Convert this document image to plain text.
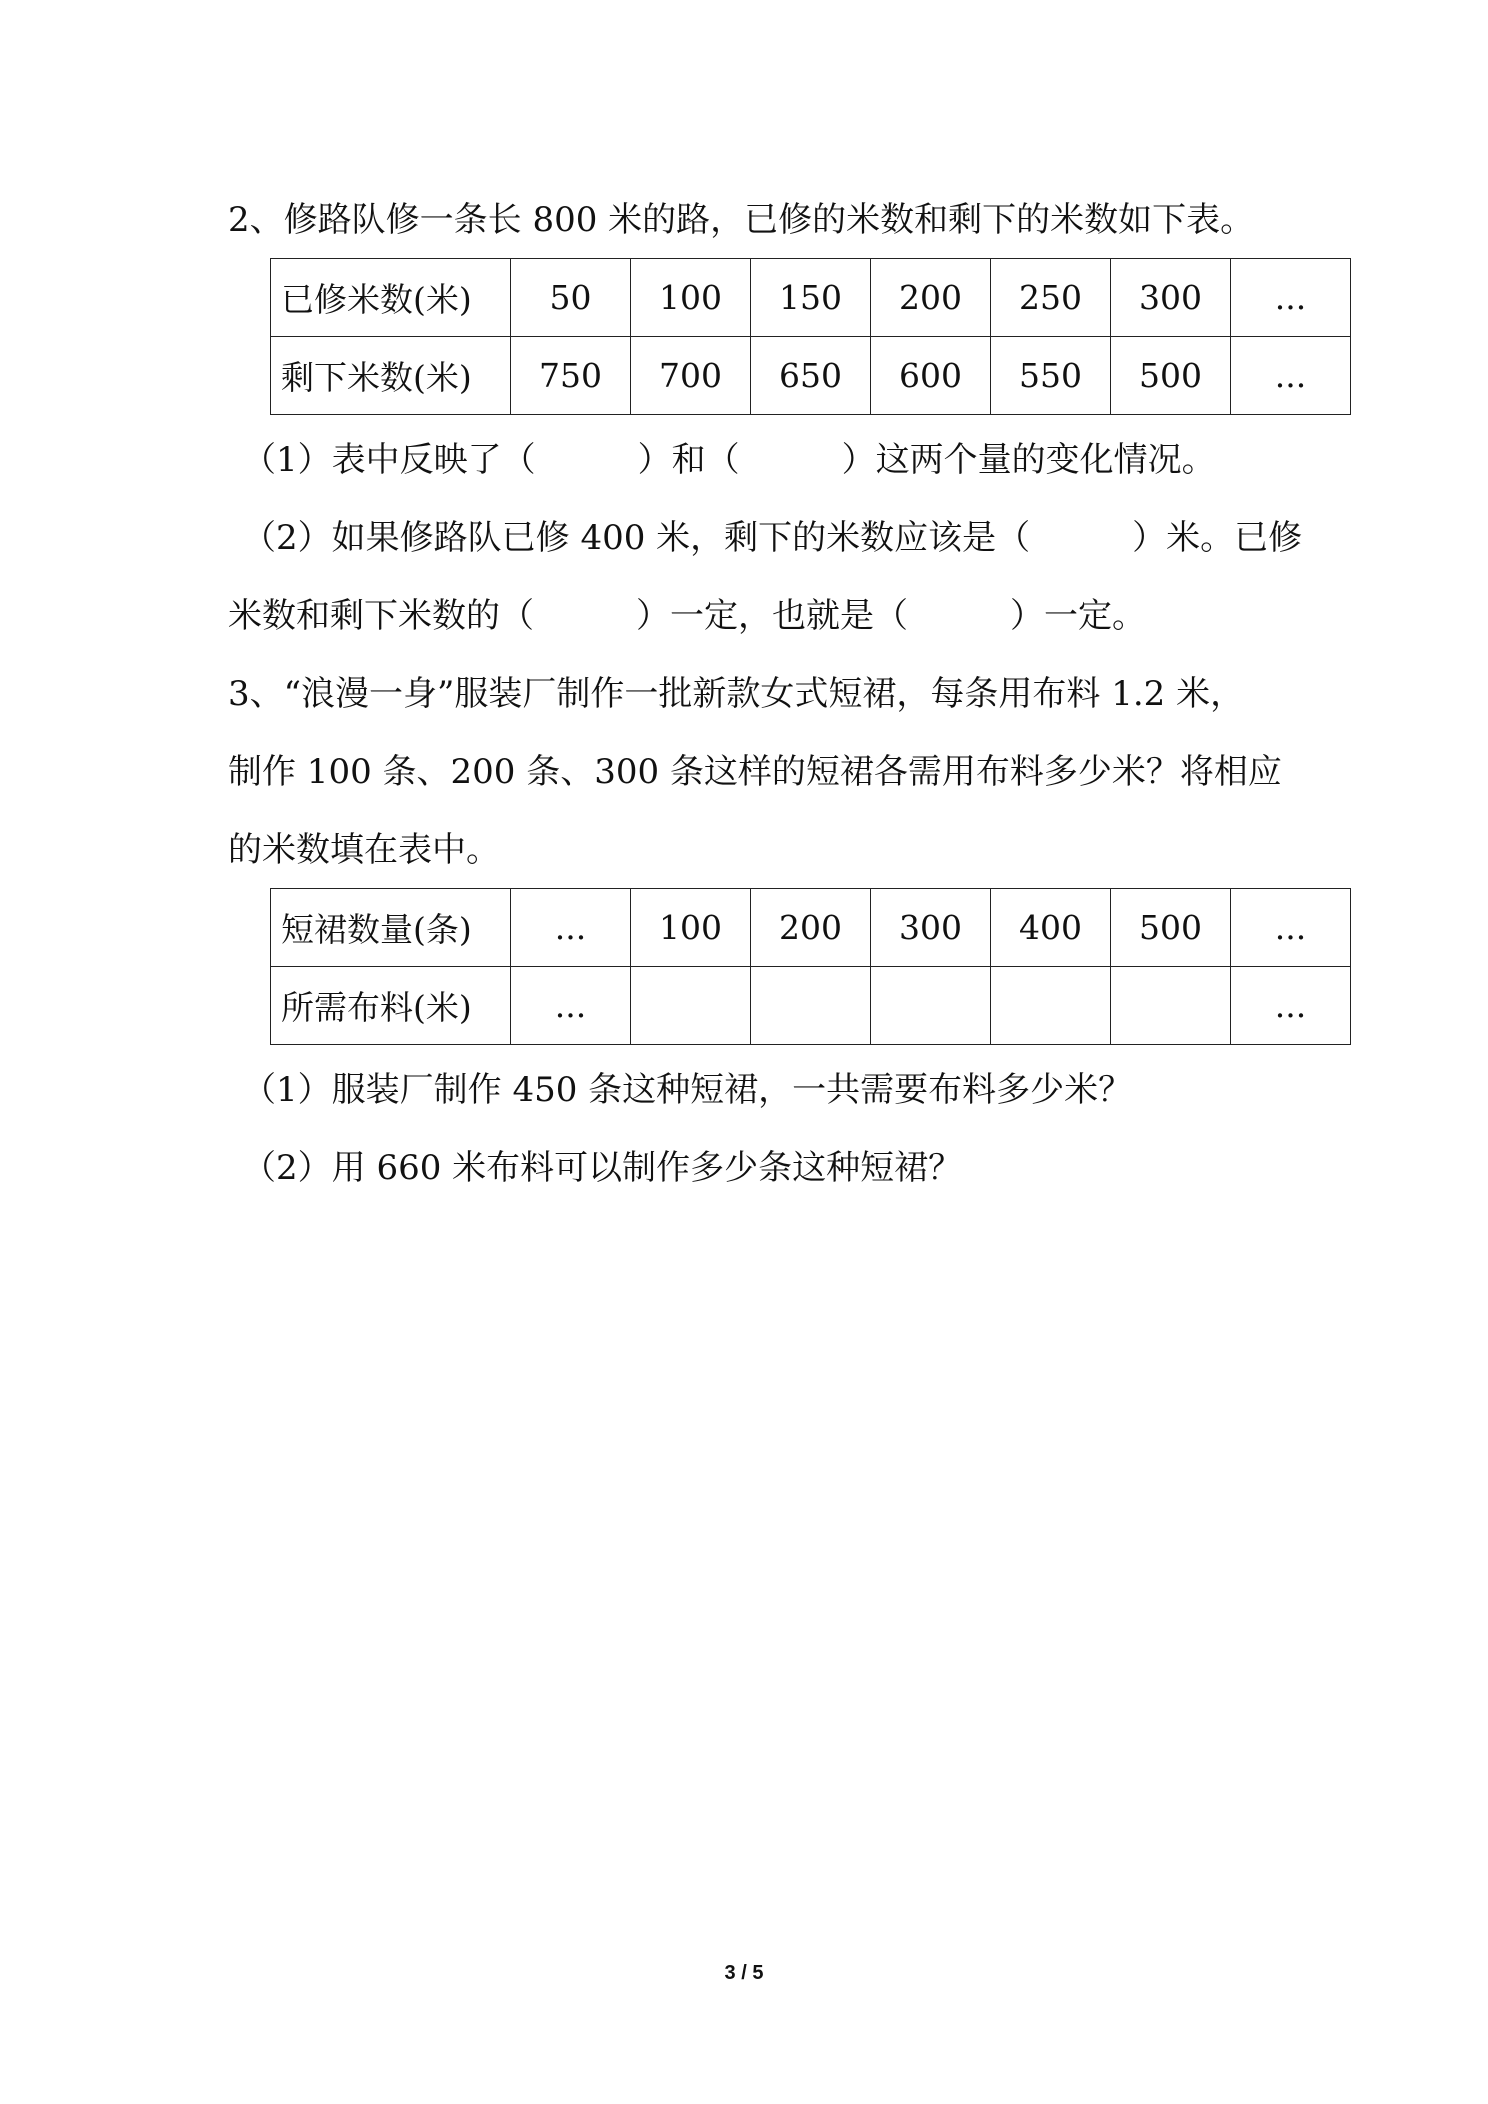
2、修路队修一条长 800 米的路，已修的米数和剩下的米数如下表。
已修米数(米)	50	100	150	200	250	300	...
剩下米数(米)	750	700	650	600	550	500	...
（1）表中反映了（　　　）和（　　　）这两个量的变化情况。
（2）如果修路队已修 400 米，剩下的米数应该是（　　　）米。已修
米数和剩下米数的（　　　）一定，也就是（　　　）一定。
3、“浪漫一身”服装厂制作一批新款女式短裙，每条用布料 1.2 米，
制作 100 条、200 条、300 条这样的短裙各需用布料多少米？将相应
的米数填在表中。
短裙数量(条)	...	100	200	300	400	500	...
所需布料(米)	...						...
（1）服装厂制作 450 条这种短裙，一共需要布料多少米？
（2）用 660 米布料可以制作多少条这种短裙？
3 / 5
